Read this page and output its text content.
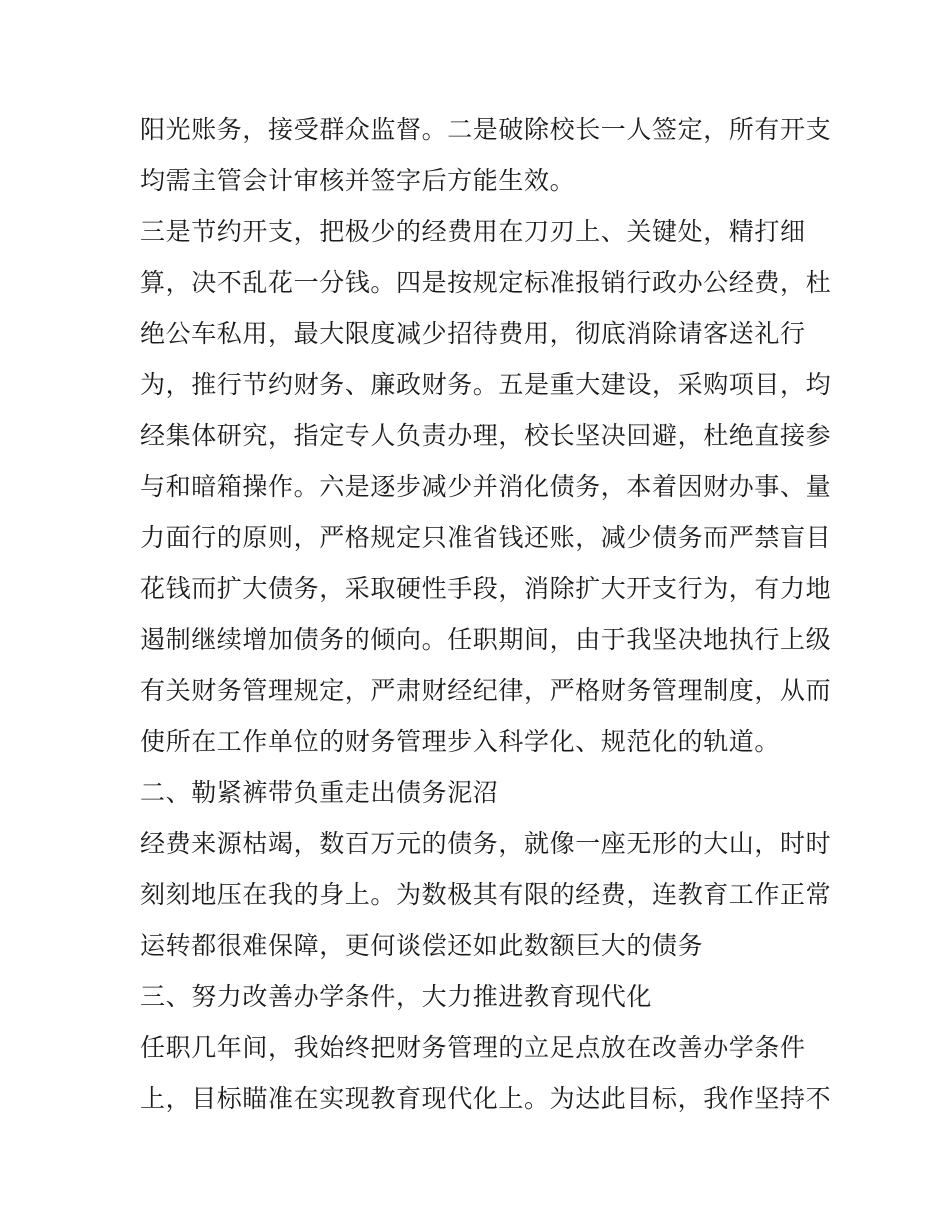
阳光账务，接受群众监督。二是破除校长一人签定，所有开支
均需主管会计审核并签字后方能生效。
三是节约开支，把极少的经费用在刀刃上、关键处，精打细
算，决不乱花一分钱。四是按规定标准报销行政办公经费，杜
绝公车私用，最大限度减少招待费用，彻底消除请客送礼行
为，推行节约财务、廉政财务。五是重大建设，采购项目，均
经集体研究，指定专人负责办理，校长坚决回避，杜绝直接参
与和暗箱操作。六是逐步减少并消化债务，本着因财办事、量
力面行的原则，严格规定只准省钱还账，减少债务而严禁盲目
花钱而扩大债务，采取硬性手段，消除扩大开支行为，有力地
遏制继续增加债务的倾向。任职期间，由于我坚决地执行上级
有关财务管理规定，严肃财经纪律，严格财务管理制度，从而
使所在工作单位的财务管理步入科学化、规范化的轨道。
二、勒紧裤带负重走出债务泥沼
经费来源枯竭，数百万元的债务，就像一座无形的大山，时时
刻刻地压在我的身上。为数极其有限的经费，连教育工作正常
运转都很难保障，更何谈偿还如此数额巨大的债务
三、努力改善办学条件，大力推进教育现代化
任职几年间，我始终把财务管理的立足点放在改善办学条件
上，目标瞄准在实现教育现代化上。为达此目标，我作坚持不
